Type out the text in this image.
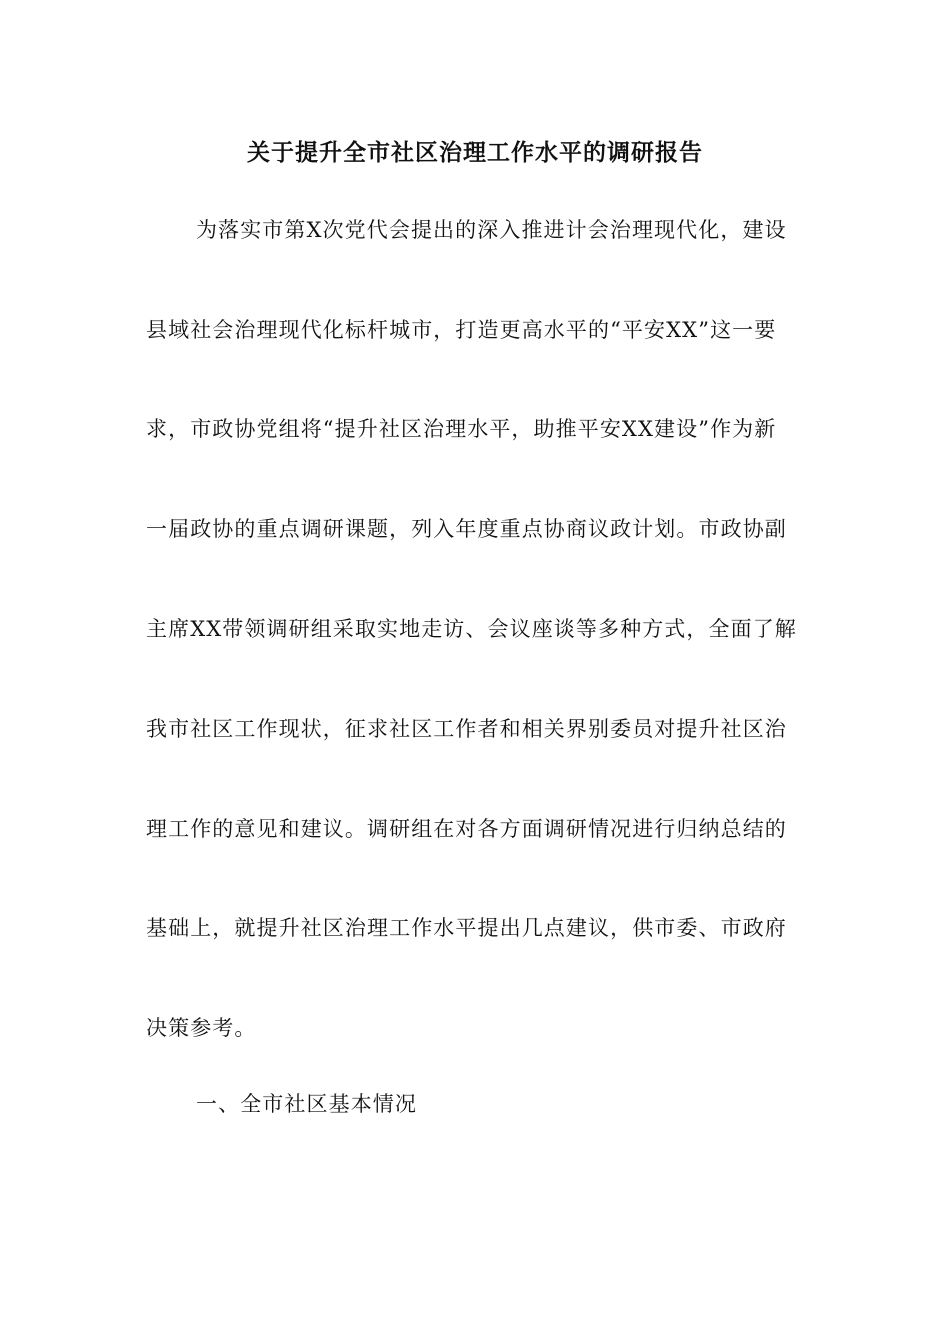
关于提升全市社区治理工作水平的调研报告
为落实市第X次党代会提出的深入推进计会治理现代化，建设
县域社会治理现代化标杆城市，打造更高水平的“平安XX”这一要
求，市政协党组将“提升社区治理水平，助推平安XX建设”作为新
一届政协的重点调研课题，列入年度重点协商议政计划。市政协副
主席XX带领调研组采取实地走访、会议座谈等多种方式，全面了解
我市社区工作现状，征求社区工作者和相关界别委员对提升社区治
理工作的意见和建议。调研组在对各方面调研情况进行归纳总结的
基础上，就提升社区治理工作水平提出几点建议，供市委、市政府
决策参考。
一、全市社区基本情况
